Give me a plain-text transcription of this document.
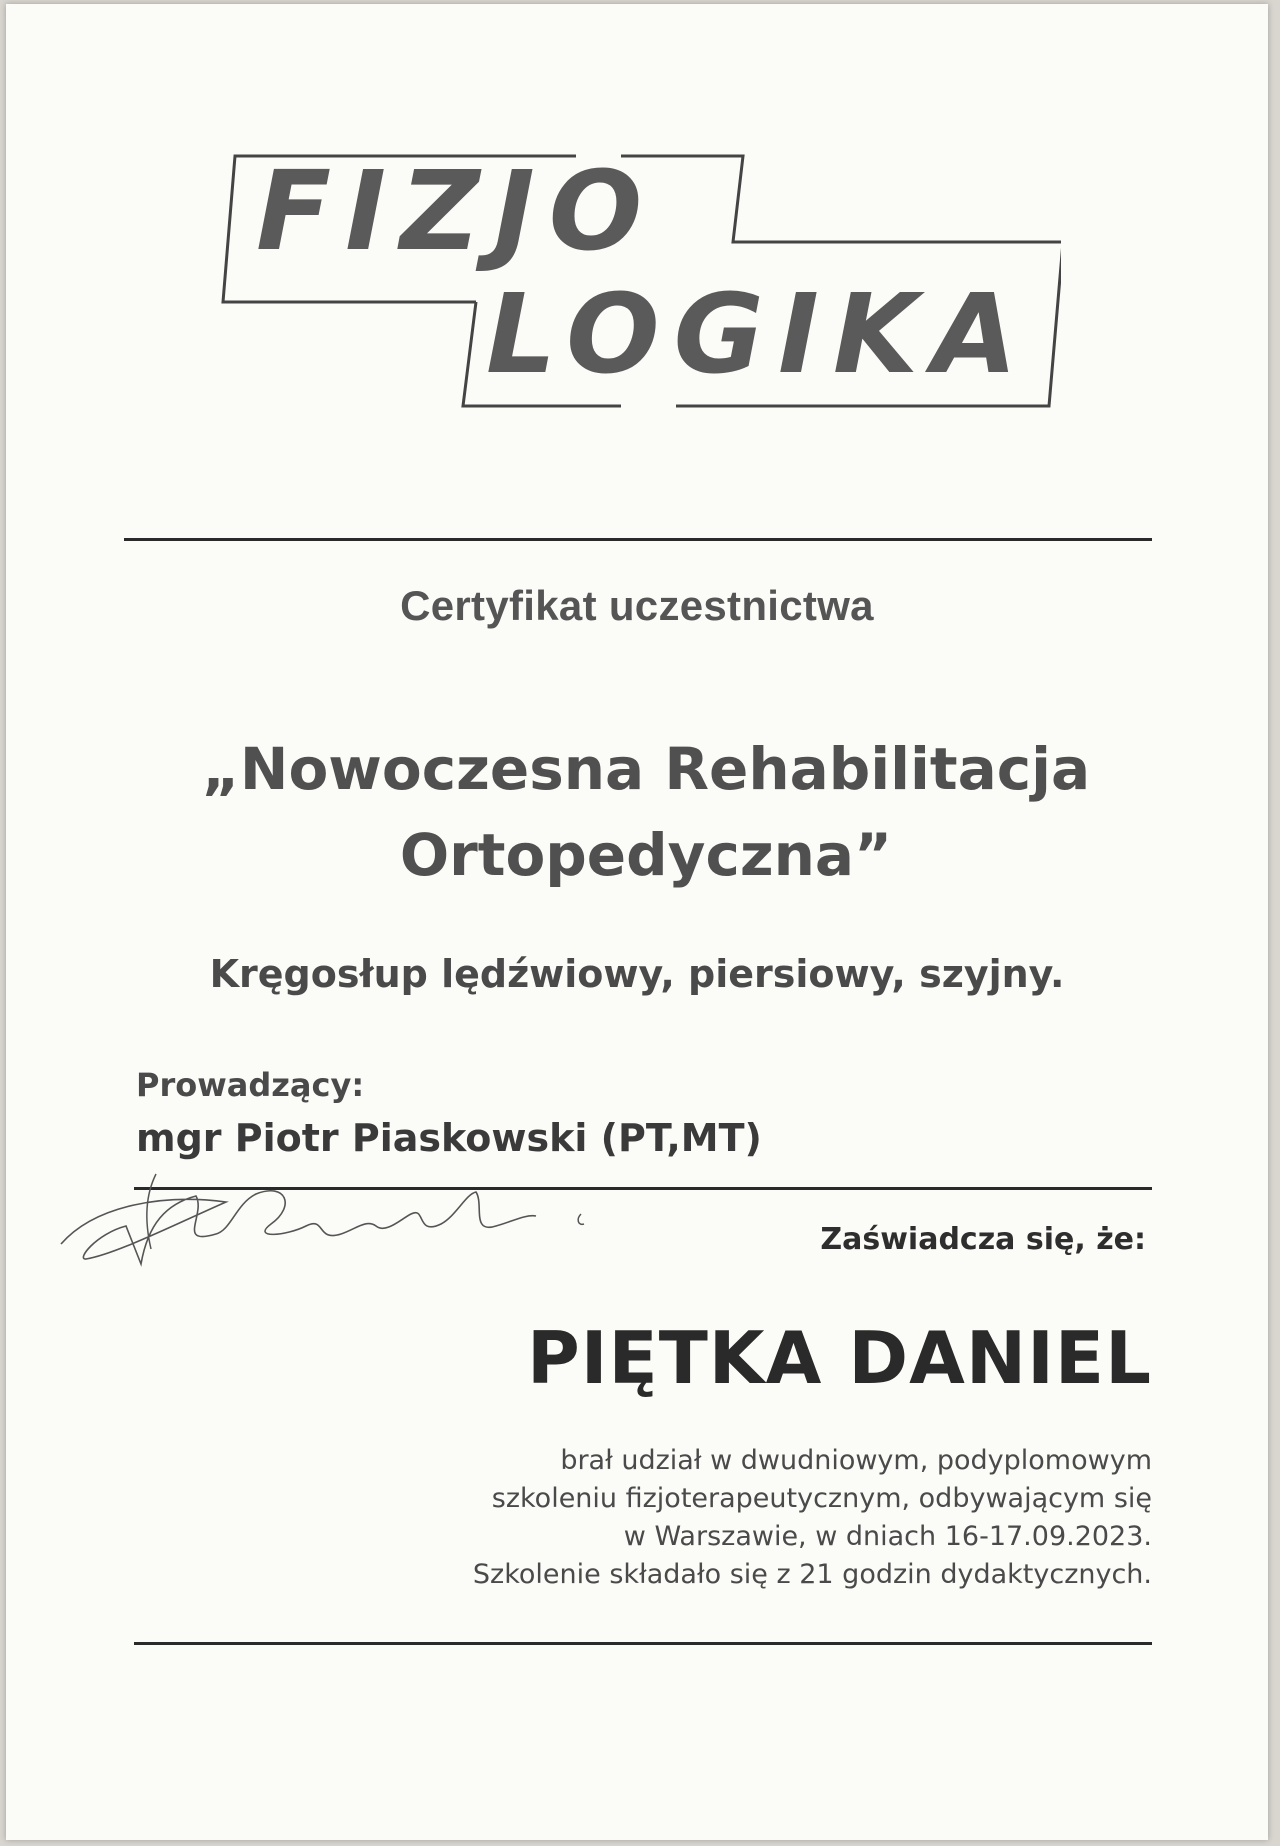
FIZJO
LOGIKA
Certyfikat uczestnictwa
„Nowoczesna Rehabilitacja
Ortopedyczna”
Kręgosłup lędźwiowy, piersiowy, szyjny.
Prowadzący:
mgr Piotr Piaskowski (PT,MT)
Zaświadcza się, że:
PIĘTKA DANIEL
brał udział w dwudniowym, podyplomowym
szkoleniu fizjoterapeutycznym, odbywającym się
w Warszawie, w dniach 16-17.09.2023.
Szkolenie składało się z 21 godzin dydaktycznych.
